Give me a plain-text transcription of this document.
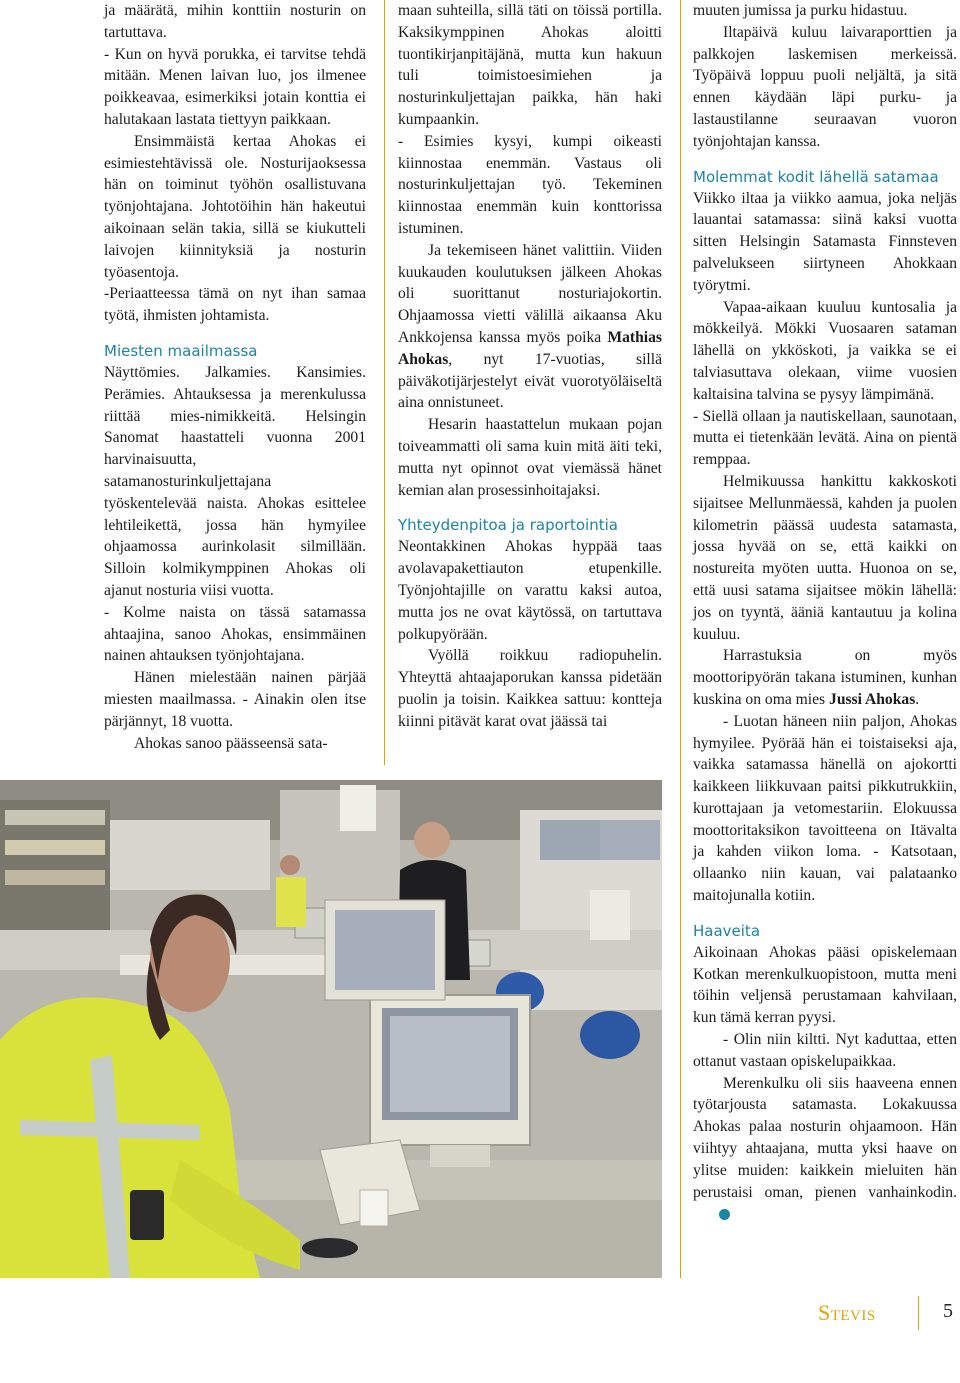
ja määrätä, mihin konttiin nosturin on tartuttava.

- Kun on hyvä porukka, ei tarvitse tehdä mitään. Menen laivan luo, jos ilmenee poikkeavaa, esimerkiksi jotain konttia ei halutakaan lastata tiettyyn paikkaan.

Ensimmäistä kertaa Ahokas ei esimiestehtävissä ole. Nosturijaoksessa hän on toiminut työhön osallistuvana työnjohtajana. Johtotöihin hän hakeutui aikoinaan selän takia, sillä se kiukutteli laivojen kiinnityksiä ja nosturin työasentoja.

-Periaatteessa tämä on nyt ihan samaa työtä, ihmisten johtamista.

Miesten maailmassa

Näyttömies. Jalkamies. Kansimies. Perämies. Ahtauksessa ja merenkulussa riittää mies-nimikkeitä. Helsingin Sanomat haastatteli vuonna 2001 harvinaisuutta, satamanosturinkuljettajana työskentelevää naista. Ahokas esittelee lehtileikettä, jossa hän hymyilee ohjaamossa aurinkolasit silmillään. Silloin kolmikymppinen Ahokas oli ajanut nosturia viisi vuotta.

- Kolme naista on tässä satamassa ahtaajina, sanoo Ahokas, ensimmäinen nainen ahtauksen työnjohtajana.

Hänen mielestään nainen pärjää miesten maailmassa. - Ainakin olen itse pärjännyt, 18 vuotta.

Ahokas sanoo päässeensä sata-

maan suhteilla, sillä täti on töissä portilla. Kaksikymppinen Ahokas aloitti tuontikirjanpitäjänä, mutta kun hakuun tuli toimistoesimiehen ja nosturinkuljettajan paikka, hän haki kumpaankin.

- Esimies kysyi, kumpi oikeasti kiinnostaa enemmän. Vastaus oli nosturinkuljettajan työ. Tekeminen kiinnostaa enemmän kuin konttorissa istuminen.

Ja tekemiseen hänet valittiin. Viiden kuukauden koulutuksen jälkeen Ahokas oli suorittanut nosturiajokortin. Ohjaamossa vietti välillä aikaansa Aku Ankkojensa kanssa myös poika Mathias Ahokas, nyt 17-vuotias, sillä päiväkotijärjestelyt eivät vuorotyöläiseltä aina onnistuneet.

Hesarin haastattelun mukaan pojan toiveammatti oli sama kuin mitä äiti teki, mutta nyt opinnot ovat viemässä hänet kemian alan prosessinhoitajaksi.

Yhteydenpitoa ja raportointia

Neontakkinen Ahokas hyppää taas avolavapakettiauton etupenkille. Työnjohtajille on varattu kaksi autoa, mutta jos ne ovat käytössä, on tartuttava polkupyörään.

Vyöllä roikkuu radiopuhelin. Yhteyttä ahtaajaporukan kanssa pidetään puolin ja toisin. Kaikkea sattuu: kontteja kiinni pitävät karat ovat jäässä tai

muuten jumissa ja purku hidastuu.

Iltapäivä kuluu laivaraporttien ja palkkojen laskemisen merkeissä. Työpäivä loppuu puoli neljältä, ja sitä ennen käydään läpi purku- ja lastaustilanne seuraavan vuoron työnjohtajan kanssa.

Molemmat kodit lähellä satamaa

Viikko iltaa ja viikko aamua, joka neljäs lauantai satamassa: siinä kaksi vuotta sitten Helsingin Satamasta Finnsteven palvelukseen siirtyneen Ahokkaan työrytmi.

Vapaa-aikaan kuuluu kuntosalia ja mökkeilyä. Mökki Vuosaaren sataman lähellä on ykköskoti, ja vaikka se ei talviasuttava olekaan, viime vuosien kaltaisina talvina se pysyy lämpimänä.

- Siellä ollaan ja nautiskellaan, saunotaan, mutta ei tietenkään levätä. Aina on pientä remppaa.

Helmikuussa hankittu kakkoskoti sijaitsee Mellunmäessä, kahden ja puolen kilometrin päässä uudesta satamasta, jossa hyvää on se, että kaikki on nostureita myöten uutta. Huonoa on se, että uusi satama sijaitsee mökin lähellä: jos on tyyntä, ääniä kantautuu ja kolina kuuluu.

Harrastuksia on myös moottoripyörän takana istuminen, kunhan kuskina on oma mies Jussi Ahokas.

- Luotan häneen niin paljon, Ahokas hymyilee. Pyörää hän ei toistaiseksi aja, vaikka satamassa hänellä on ajokortti kaikkeen liikkuvaan paitsi pikkutrukkiin, kurottajaan ja vetomestariin. Elokuussa moottoritaksikon tavoitteena on Itävalta ja kahden viikon loma. - Katsotaan, ollaanko niin kauan, vai palataanko maitojunalla kotiin.

Haaveita

Aikoinaan Ahokas pääsi opiskelemaan Kotkan merenkulkuopistoon, mutta meni töihin veljensä perustamaan kahvilaan, kun tämä kerran pyysi.

- Olin niin kiltti. Nyt kaduttaa, etten ottanut vastaan opiskelupaikkaa.

Merenkulku oli siis haaveena ennen työtarjousta satamasta. Lokakuussa Ahokas palaa nosturin ohjaamoon. Hän viihtyy ahtaajana, mutta yksi haave on ylitse muiden: kaikkein mieluiten hän perustaisi oman, pienen vanhainkodin.

Stevis	5
